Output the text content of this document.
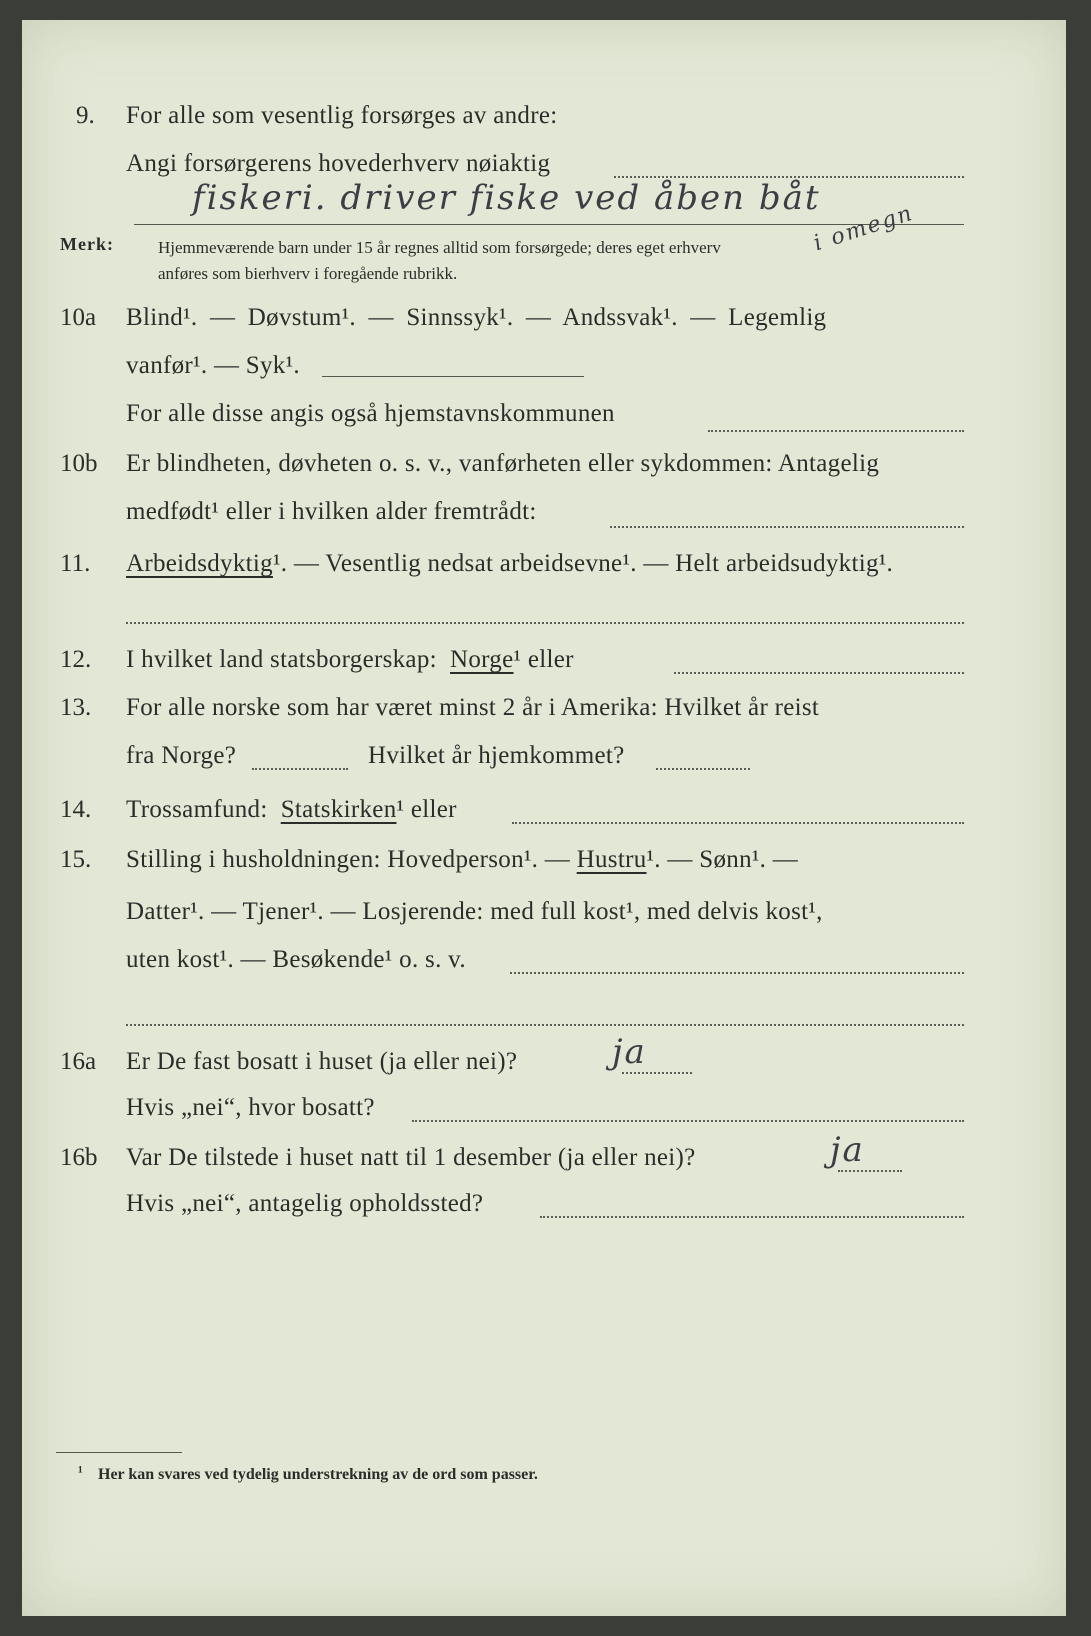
9. For alle som vesentlig forsørges av andre:
Angi forsørgerens hovederhverv nøiaktig
fiskeri. driver fiske ved åben båt
i omegn
Merk:	Hjemmeværende barn under 15 år regnes alltid som forsørgede; deres eget erhverv
anføres som bierhverv i foregående rubrikk.
10a Blind¹. — Døvstum¹. — Sinnssyk¹. — Andssvak¹. — Legemlig
vanfør¹. — Syk¹.
For alle disse angis også hjemstavnskommunen
10b Er blindheten, døvheten o. s. v., vanførheten eller sykdommen: Antagelig
medfødt¹ eller i hvilken alder fremtrådt:
11. Arbeidsdyktig¹. — Vesentlig nedsat arbeidsevne¹. — Helt arbeidsudyktig¹.
12. I hvilket land statsborgerskap: Norge¹ eller
13. For alle norske som har været minst 2 år i Amerika: Hvilket år reist
fra Norge?	Hvilket år hjemkommet?
14. Trossamfund: Statskirken¹ eller
15. Stilling i husholdningen: Hovedperson¹. — Hustru¹. — Sønn¹. —
Datter¹. — Tjener¹. — Losjerende: med full kost¹, med delvis kost¹,
uten kost¹. — Besøkende¹ o. s. v.
16a Er De fast bosatt i huset (ja eller nei)?	ja
Hvis „nei“, hvor bosatt?
16b Var De tilstede i huset natt til 1 desember (ja eller nei)?	ja
Hvis „nei“, antagelig opholdssted?
¹ Her kan svares ved tydelig understrekning av de ord som passer.
